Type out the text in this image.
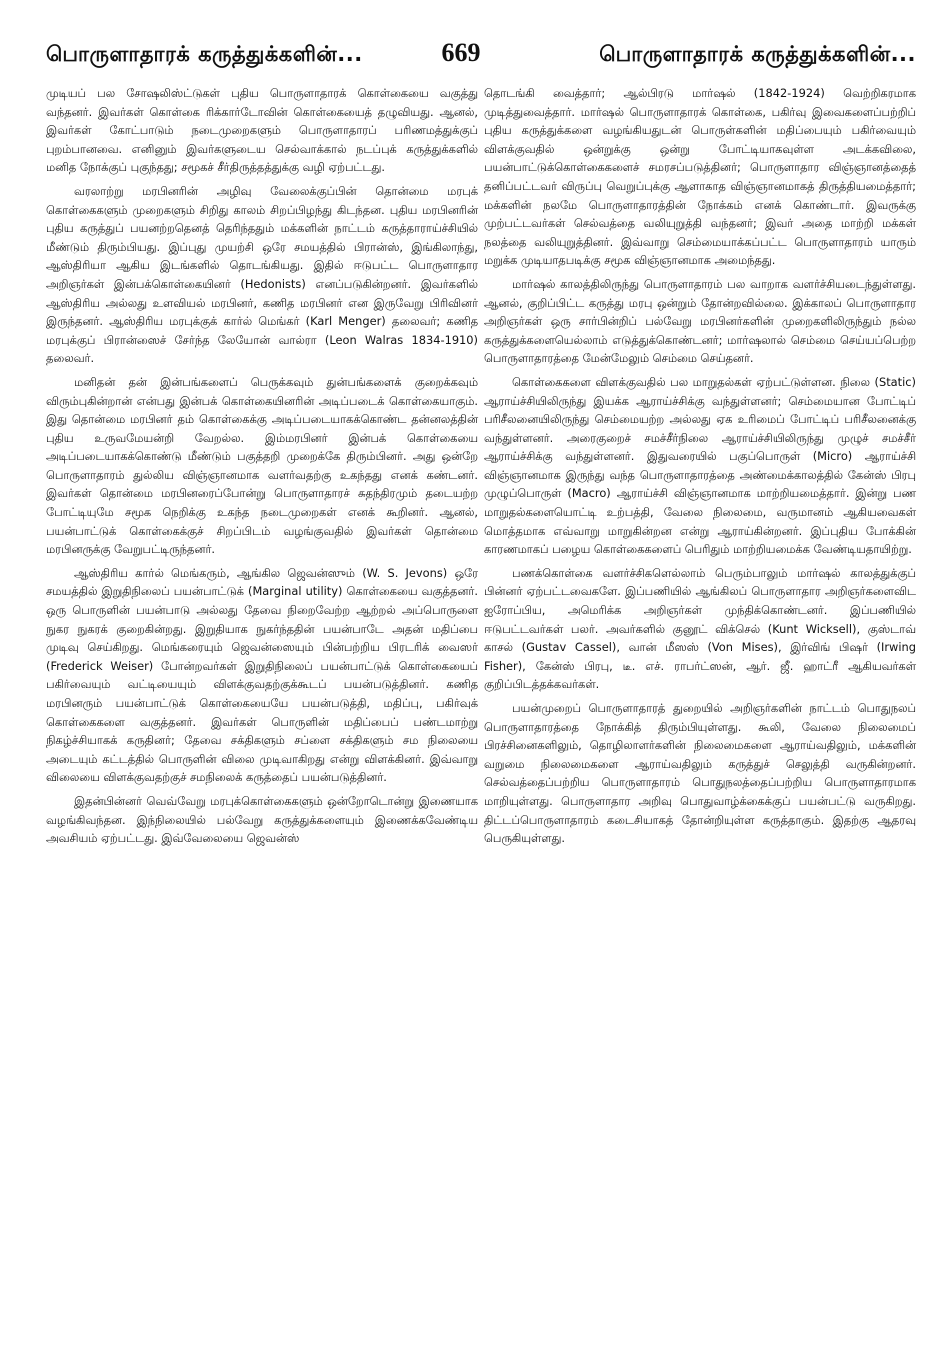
பொருளாதாரக் கருத்துக்களின்...	669	பொருளாதாரக் கருத்துக்களின்...

முடியப் பல சோஷலிஸ்ட்டுகள் புதிய பொருளாதாரக் கொள்கையை வகுத்து வந்தனர். இவர்கள் கொள்கை ரிக்கார்டோவின் கொள்கையைத் தழுவியது. ஆனல், இவர்கள் கோட்பாடும் நடைமுறைகளும் பொருளாதாரப் பரிணமத்துக்குப் புறம்பானவை. எனினும் இவர்களுடைய செல்வாக்கால் நடப்புக் கருத்துக்களில் மனித நோக்குப் புகுந்தது; சமூகச் சீர்திருத்தத்துக்கு வழி ஏற்பட்டது.

வரலாற்று மரபினரின் அழிவு வேலைக்குப்பின் தொன்மை மரபுக் கொள்கைகளும் முறைகளும் சிறிது காலம் சிறப்பிழந்து கிடந்தன. புதிய மரபினரின் புதிய கருத்துப் பயனற்றதெனத் தெரிந்ததும் மக்களின் நாட்டம் கருத்தாராய்ச்சியில் மீண்டும் திரும்பியது. இப்புது முயற்சி ஒரே சமயத்தில் பிரான்ஸ், இங்கிலாந்து, ஆஸ்திரியா ஆகிய இடங்களில் தொடங்கியது. இதில் ஈடுபட்ட பொருளாதார அறிஞர்கள் இன்பக்கொள்கையினர் (Hedonists) எனப்படுகின்றனர். இவர்களில் ஆஸ்திரிய அல்லது உளவியல் மரபினர், கணித மரபினர் என இருவேறு பிரிவினர் இருந்தனர். ஆஸ்திரிய மரபுக்குக் கார்ல் மெங்கர் (Karl Menger) தலைவர்; கணித மரபுக்குப் பிரான்ஸைச் சேர்ந்த லேயோன் வால்ரா (Leon Walras 1834-1910) தலைவர்.

மனிதன் தன் இன்பங்களைப் பெருக்கவும் துன்பங்களைக் குறைக்கவும் விரும்புகின்றான் என்பது இன்பக் கொள்கையினரின் அடிப்படைக் கொள்கையாகும். இது தொன்மை மரபினர் தம் கொள்கைக்கு அடிப்படையாகக்கொண்ட தன்னலத்தின் புதிய உருவமேயன்றி வேறல்ல. இம்மரபினர் இன்பக் கொள்கையை அடிப்படையாகக்கொண்டு மீண்டும் பகுத்தறி முறைக்கே திரும்பினர். அது ஒன்றே பொருளாதாரம் துல்லிய விஞ்ஞானமாக வளர்வதற்கு உகந்தது எனக் கண்டனர். இவர்கள் தொன்மை மரபினரைப்போன்று பொருளாதாரச் சுதந்திரமும் தடையற்ற போட்டியுமே சமூக நெறிக்கு உகந்த நடைமுறைகள் எனக் கூறினர். ஆனல், பயன்பாட்டுக் கொள்கைக்குச் சிறப்பிடம் வழங்குவதில் இவர்கள் தொன்மை மரபினருக்கு வேறுபட்டிருந்தனர்.

ஆஸ்திரிய கார்ல் மெங்கரும், ஆங்கில ஜெவன்ஸும் (W. S. Jevons) ஒரே சமயத்தில் இறுதிநிலைப் பயன்பாட்டுக் (Marginal utility) கொள்கையை வகுத்தனர். ஒரு பொருளின் பயன்பாடு அல்லது தேவை நிறைவேற்ற ஆற்றல் அப்பொருளை நுகர நுகரக் குறைகின்றது. இறுதியாக நுகர்ந்ததின் பயன்பாடே அதன் மதிப்பை முடிவு செய்கிறது. மெங்கரையும் ஜெவன்ஸையும் பின்பற்றிய பிரடரிக் வைஸர் (Frederick Weiser) போன்றவர்கள் இறுதிநிலைப் பயன்பாட்டுக் கொள்கையைப் பகிர்வையும் வட்டியையும் விளக்குவதற்குக்கூடப் பயன்படுத்தினர். கணித மரபினரும் பயன்பாட்டுக் கொள்கையையே பயன்படுத்தி, மதிப்பு, பகிர்வுக் கொள்கைகளை வகுத்தனர். இவர்கள் பொருளின் மதிப்பைப் பண்டமாற்று நிகழ்ச்சியாகக் கருதினர்; தேவை சக்திகளும் சப்ளை சக்திகளும் சம நிலையை அடையும் கட்டத்தில் பொருளின் விலை முடிவாகிறது என்று விளக்கினர். இவ்வாறு விலையை விளக்குவதற்குச் சமநிலைக் கருத்தைப் பயன்படுத்தினர்.

இதன்பின்னர் வெவ்வேறு மரபுக்கொள்கைகளும் ஒன்றோடொன்று இணையாக வழங்கிவந்தன. இந்நிலையில் பல்வேறு கருத்துக்களையும் இணைக்கவேண்டிய அவசியம் ஏற்பட்டது. இவ்வேலையை ஜெவன்ஸ்

தொடங்கி வைத்தார்; ஆல்பிரடு மார்ஷல் (1842-1924) வெற்றிகரமாக முடித்துவைத்தார். மார்ஷல் பொருளாதாரக் கொள்கை, பகிர்வு இவைகளைப்பற்றிப் புதிய கருத்துக்களை வழங்கியதுடன் பொருள்களின் மதிப்பையும் பகிர்வையும் விளக்குவதில் ஒன்றுக்கு ஒன்று போட்டியாகவுள்ள அடக்கவிலை, பயன்பாட்டுக்கொள்கைகளைச் சமரசப்படுத்தினர்; பொருளாதார விஞ்ஞானத்தைத் தனிப்பட்டவர் விருப்பு வெறுப்புக்கு ஆளாகாத விஞ்ஞானமாகத் திருத்தியமைத்தார்; மக்களின் நலமே பொருளாதாரத்தின் நோக்கம் எனக் கொண்டார். இவருக்கு முற்பட்டவர்கள் செல்வத்தை வலியுறுத்தி வந்தனர்; இவர் அதை மாற்றி மக்கள் நலத்தை வலியுறுத்தினர். இவ்வாறு செம்மையாக்கப்பட்ட பொருளாதாரம் யாரும் மறுக்க முடியாதபடிக்கு சமூக விஞ்ஞானமாக அமைந்தது.

மார்ஷல் காலத்திலிருந்து பொருளாதாரம் பல வாறாக வளர்ச்சியடைந்துள்ளது. ஆனல், குறிப்பிட்ட கருத்து மரபு ஒன்றும் தோன்றவில்லை. இக்காலப் பொருளாதார அறிஞர்கள் ஒரு சார்பின்றிப் பல்வேறு மரபினர்களின் முறைகளிலிருந்தும் நல்ல கருத்துக்களையெல்லாம் எடுத்துக்கொண்டனர்; மார்ஷலால் செம்மை செய்யப்பெற்ற பொருளாதாரத்தை மேன்மேலும் செம்மை செய்தனர்.

கொள்கைகளை விளக்குவதில் பல மாறுதல்கள் ஏற்பட்டுள்ளன. நிலை (Static) ஆராய்ச்சியிலிருந்து இயக்க ஆராய்ச்சிக்கு வந்துள்ளனர்; செம்மையான போட்டிப் பரிசீலனையிலிருந்து செம்மையற்ற அல்லது ஏக உரிமைப் போட்டிப் பரிசீலனைக்கு வந்துள்ளனர். அரைகுறைச் சமச்சீர்நிலை ஆராய்ச்சியிலிருந்து முழுச் சமச்சீர் ஆராய்ச்சிக்கு வந்துள்ளனர். இதுவரையில் பகுப்பொருள் (Micro) ஆராய்ச்சி விஞ்ஞானமாக இருந்து வந்த பொருளாதாரத்தை அண்மைக்காலத்தில் கேன்ஸ் பிரபு முழுப்பொருள் (Macro) ஆராய்ச்சி விஞ்ஞானமாக மாற்றியமைத்தார். இன்று பண மாறுதல்களையொட்டி உற்பத்தி, வேலை நிலைமை, வருமானம் ஆகியவைகள் மொத்தமாக எவ்வாறு மாறுகின்றன என்று ஆராய்கின்றனர். இப்புதிய போக்கின் காரணமாகப் பழைய கொள்கைகளைப் பெரிதும் மாற்றியமைக்க வேண்டியதாயிற்று.

பணக்கொள்கை வளர்ச்சிகளெல்லாம் பெரும்பாலும் மார்ஷல் காலத்துக்குப் பின்னர் ஏற்பட்டவைகளே. இப்பணியில் ஆங்கிலப் பொருளாதார அறிஞர்களைவிட ஐரோப்பிய, அமெரிக்க அறிஞர்கள் முந்திக்கொண்டனர். இப்பணியில் ஈடுபட்டவர்கள் பலர். அவர்களில் குனூட் விக்செல் (Kunt Wicksell), குஸ்டாவ் காசல் (Gustav Cassel), வான் மீஸஸ் (Von Mises), இர்விங் பிஷர் (Irwing Fisher), கேன்ஸ் பிரபு, டீ. எச். ராபர்ட்ஸன், ஆர். ஜீ. ஹாட்ரீ ஆகியவர்கள் குறிப்பிடத்தக்கவர்கள்.

பயன்முறைப் பொருளாதாரத் துறையில் அறிஞர்களின் நாட்டம் பொதுநலப் பொருளாதாரத்தை நோக்கித் திரும்பியுள்ளது. கூலி, வேலை நிலைமைப் பிரச்சினைகளிலும், தொழிலாளர்களின் நிலைமைகளை ஆராய்வதிலும், மக்களின் வறுமை நிலைமைகளை ஆராய்வதிலும் கருத்துச் செலுத்தி வருகின்றனர். செல்வத்தைப்பற்றிய பொருளாதாரம் பொதுநலத்தைப்பற்றிய பொருளாதாரமாக மாறியுள்ளது. பொருளாதார அறிவு பொதுவாழ்க்கைக்குப் பயன்பட்டு வருகிறது. திட்டப்பொருளாதாரம் கடைசியாகத் தோன்றியுள்ள கருத்தாகும். இதற்கு ஆதரவு பெருகியுள்ளது.
